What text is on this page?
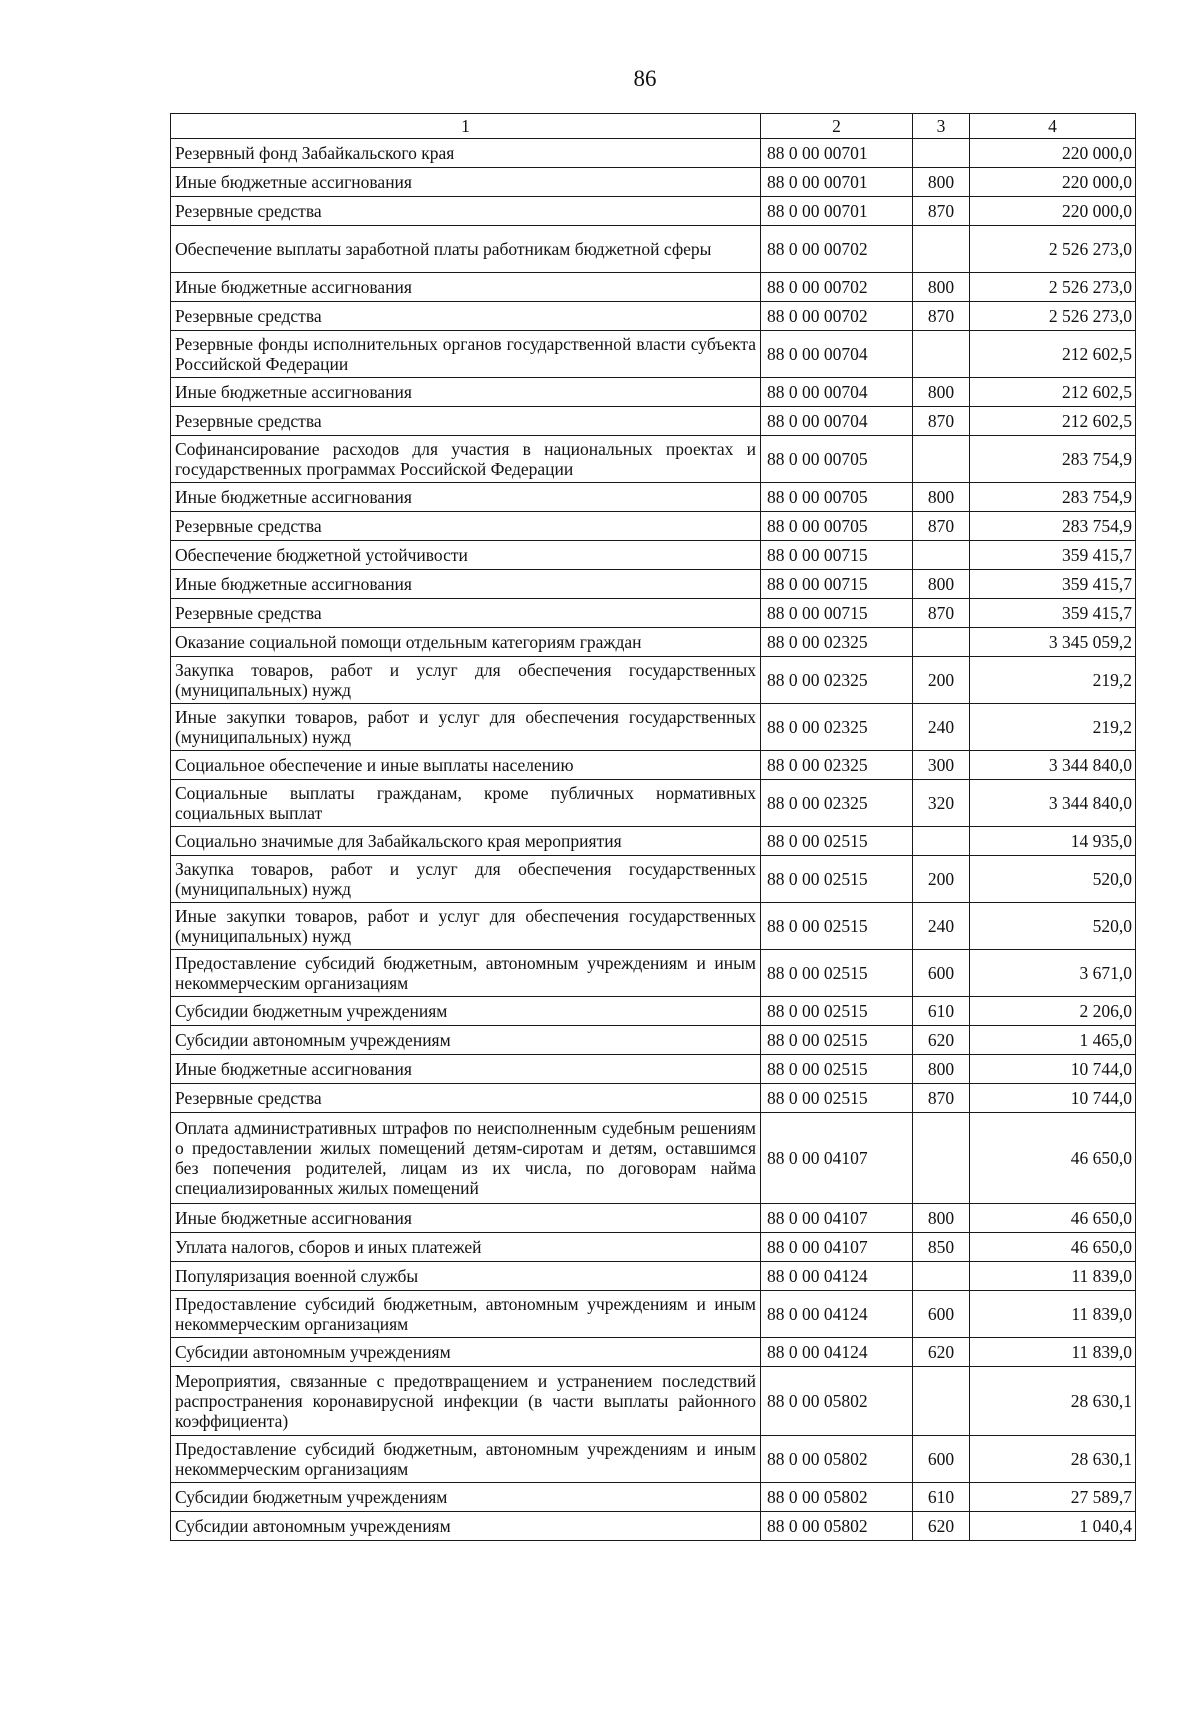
86
1	2	3	4
Резервный фонд Забайкальского края	88 0 00 00701		220 000,0
Иные бюджетные ассигнования	88 0 00 00701	800	220 000,0
Резервные средства	88 0 00 00701	870	220 000,0
Обеспечение выплаты заработной платы работникам бюджетной сферы	88 0 00 00702		2 526 273,0
Иные бюджетные ассигнования	88 0 00 00702	800	2 526 273,0
Резервные средства	88 0 00 00702	870	2 526 273,0
Резервные фонды исполнительных органов государственной власти субъекта Российской Федерации	88 0 00 00704		212 602,5
Иные бюджетные ассигнования	88 0 00 00704	800	212 602,5
Резервные средства	88 0 00 00704	870	212 602,5
Софинансирование расходов для участия в национальных проектах и государственных программах Российской Федерации	88 0 00 00705		283 754,9
Иные бюджетные ассигнования	88 0 00 00705	800	283 754,9
Резервные средства	88 0 00 00705	870	283 754,9
Обеспечение бюджетной устойчивости	88 0 00 00715		359 415,7
Иные бюджетные ассигнования	88 0 00 00715	800	359 415,7
Резервные средства	88 0 00 00715	870	359 415,7
Оказание социальной помощи отдельным категориям граждан	88 0 00 02325		3 345 059,2
Закупка товаров, работ и услуг для обеспечения государственных (муниципальных) нужд	88 0 00 02325	200	219,2
Иные закупки товаров, работ и услуг для обеспечения государственных (муниципальных) нужд	88 0 00 02325	240	219,2
Социальное обеспечение и иные выплаты населению	88 0 00 02325	300	3 344 840,0
Социальные выплаты гражданам, кроме публичных нормативных социальных выплат	88 0 00 02325	320	3 344 840,0
Социально значимые для Забайкальского края мероприятия	88 0 00 02515		14 935,0
Закупка товаров, работ и услуг для обеспечения государственных (муниципальных) нужд	88 0 00 02515	200	520,0
Иные закупки товаров, работ и услуг для обеспечения государственных (муниципальных) нужд	88 0 00 02515	240	520,0
Предоставление субсидий бюджетным, автономным учреждениям и иным некоммерческим организациям	88 0 00 02515	600	3 671,0
Субсидии бюджетным учреждениям	88 0 00 02515	610	2 206,0
Субсидии автономным учреждениям	88 0 00 02515	620	1 465,0
Иные бюджетные ассигнования	88 0 00 02515	800	10 744,0
Резервные средства	88 0 00 02515	870	10 744,0
Оплата административных штрафов по неисполненным судебным решениям о предоставлении жилых помещений детям-сиротам и детям, оставшимся без попечения родителей, лицам из их числа, по договорам найма специализированных жилых помещений	88 0 00 04107		46 650,0
Иные бюджетные ассигнования	88 0 00 04107	800	46 650,0
Уплата налогов, сборов и иных платежей	88 0 00 04107	850	46 650,0
Популяризация военной службы	88 0 00 04124		11 839,0
Предоставление субсидий бюджетным, автономным учреждениям и иным некоммерческим организациям	88 0 00 04124	600	11 839,0
Субсидии автономным учреждениям	88 0 00 04124	620	11 839,0
Мероприятия, связанные с предотвращением и устранением последствий распространения коронавирусной инфекции (в части выплаты районного коэффициента)	88 0 00 05802		28 630,1
Предоставление субсидий бюджетным, автономным учреждениям и иным некоммерческим организациям	88 0 00 05802	600	28 630,1
Субсидии бюджетным учреждениям	88 0 00 05802	610	27 589,7
Субсидии автономным учреждениям	88 0 00 05802	620	1 040,4
